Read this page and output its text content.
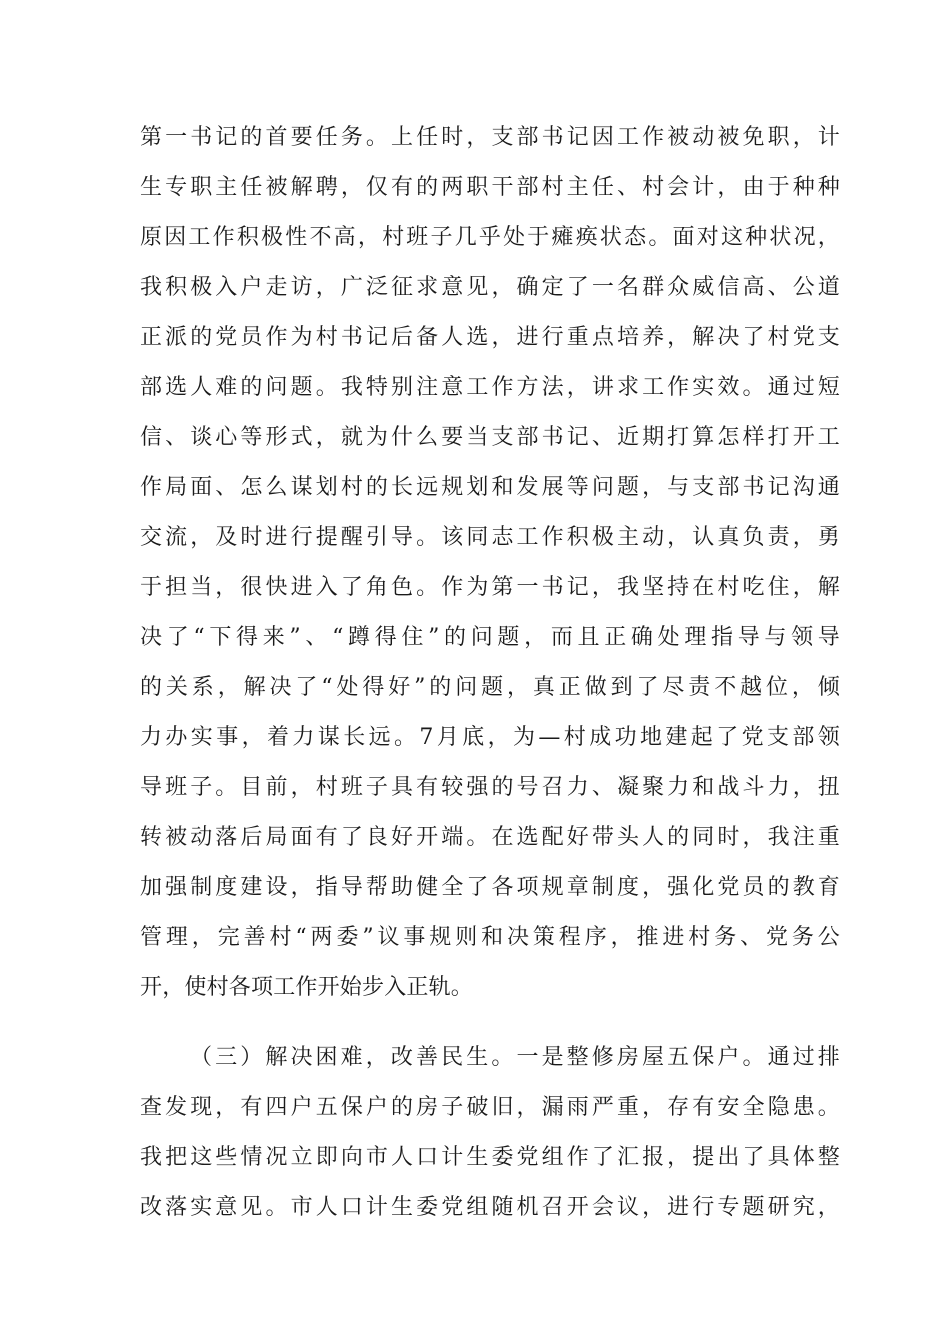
第一书记的首要任务。上任时，支部书记因工作被动被免职，计
生专职主任被解聘，仅有的两职干部村主任、村会计，由于种种
原因工作积极性不高，村班子几乎处于瘫痪状态。面对这种状况，
我积极入户走访，广泛征求意见，确定了一名群众威信高、公道
正派的党员作为村书记后备人选，进行重点培养，解决了村党支
部选人难的问题。我特别注意工作方法，讲求工作实效。通过短
信、谈心等形式，就为什么要当支部书记、近期打算怎样打开工
作局面、怎么谋划村的长远规划和发展等问题，与支部书记沟通
交流，及时进行提醒引导。该同志工作积极主动，认真负责，勇
于担当，很快进入了角色。作为第一书记，我坚持在村吃住，解
决了“下得来”、“蹲得住”的问题，而且正确处理指导与领导
的关系，解决了“处得好”的问题，真正做到了尽责不越位，倾
力办实事，着力谋长远。7月底，为—村成功地建起了党支部领
导班子。目前，村班子具有较强的号召力、凝聚力和战斗力，扭
转被动落后局面有了良好开端。在选配好带头人的同时，我注重
加强制度建设，指导帮助健全了各项规章制度，强化党员的教育
管理，完善村“两委”议事规则和决策程序，推进村务、党务公
开，使村各项工作开始步入正轨。
（三）解决困难，改善民生。一是整修房屋五保户。通过排
查发现，有四户五保户的房子破旧，漏雨严重，存有安全隐患。
我把这些情况立即向市人口计生委党组作了汇报，提出了具体整
改落实意见。市人口计生委党组随机召开会议，进行专题研究，
